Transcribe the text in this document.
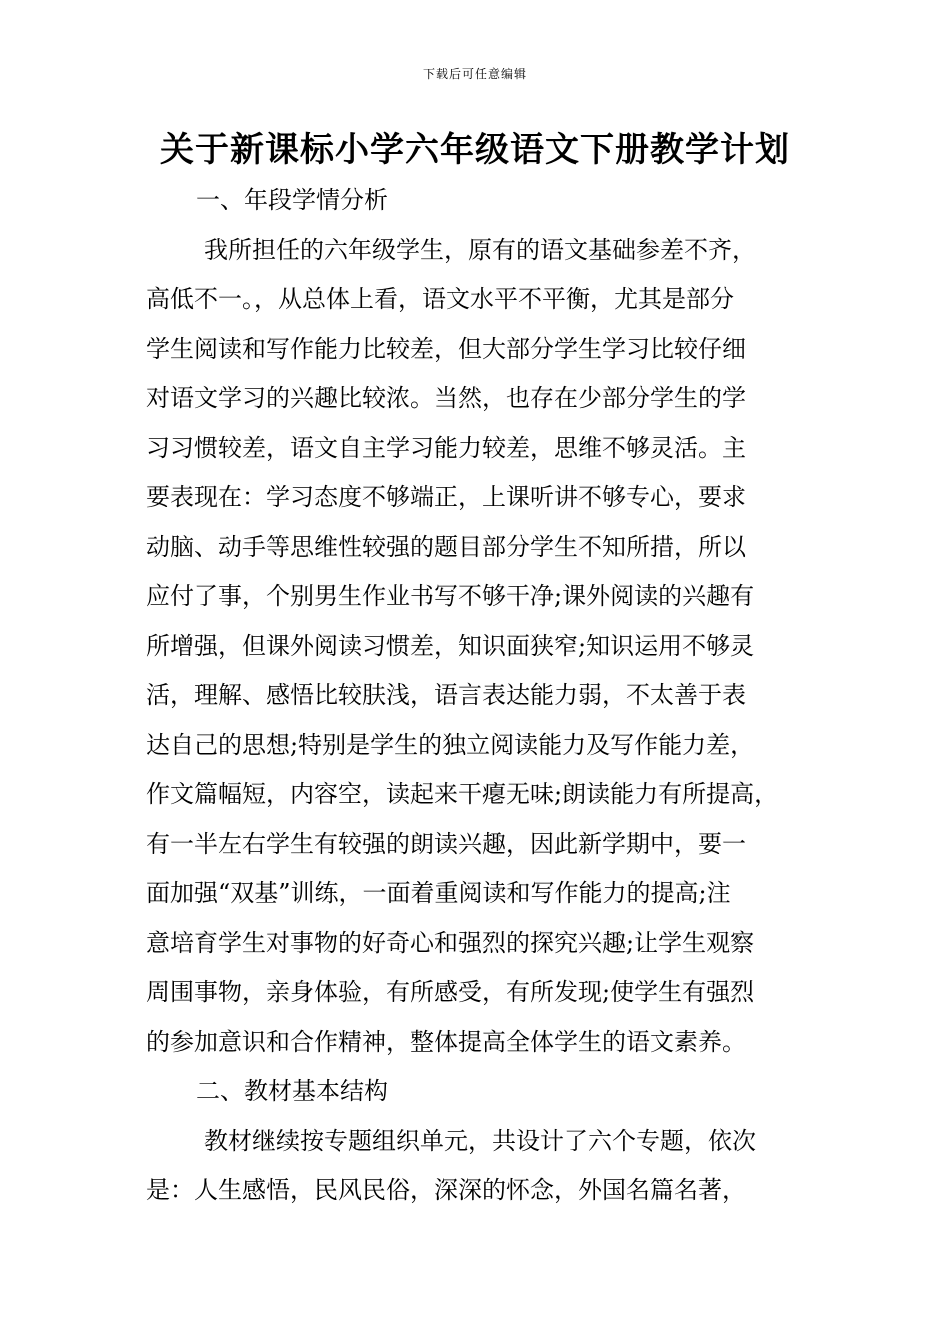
下载后可任意编辑
关于新课标小学六年级语文下册教学计划
一、年段学情分析
我所担任的六年级学生，原有的语文基础参差不齐，
高低不一。，从总体上看，语文水平不平衡，尤其是部分
学生阅读和写作能力比较差，但大部分学生学习比较仔细
对语文学习的兴趣比较浓。当然，也存在少部分学生的学
习习惯较差，语文自主学习能力较差，思维不够灵活。主
要表现在：学习态度不够端正，上课听讲不够专心，要求
动脑、动手等思维性较强的题目部分学生不知所措，所以
应付了事，个别男生作业书写不够干净;课外阅读的兴趣有
所增强，但课外阅读习惯差，知识面狭窄;知识运用不够灵
活，理解、感悟比较肤浅，语言表达能力弱，不太善于表
达自己的思想;特别是学生的独立阅读能力及写作能力差，
作文篇幅短，内容空，读起来干瘪无味;朗读能力有所提高，
有一半左右学生有较强的朗读兴趣，因此新学期中，要一
面加强“双基”训练，一面着重阅读和写作能力的提高;注
意培育学生对事物的好奇心和强烈的探究兴趣;让学生观察
周围事物，亲身体验，有所感受，有所发现;使学生有强烈
的参加意识和合作精神，整体提高全体学生的语文素养。
二、教材基本结构
教材继续按专题组织单元，共设计了六个专题，依次
是：人生感悟，民风民俗，深深的怀念，外国名篇名著，
